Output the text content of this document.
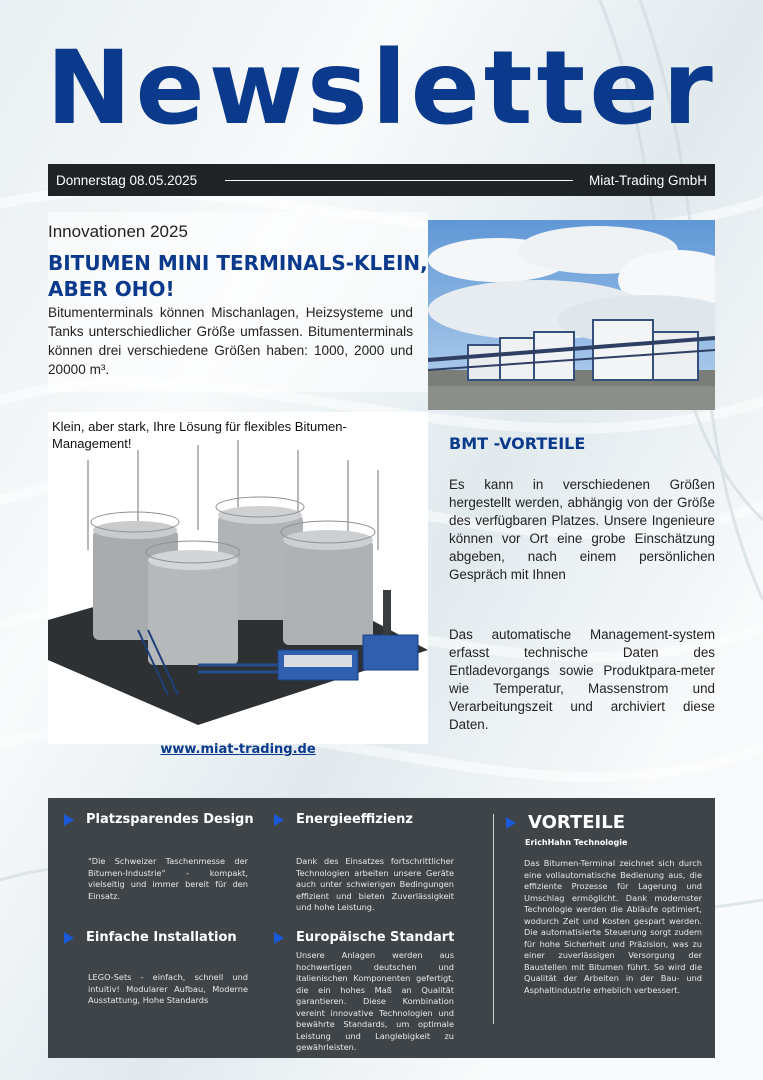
Newsletter
Donnerstag 08.05.2025	Miat-Trading GmbH
Innovationen 2025
BITUMEN MINI TERMINALS-KLEIN, ABER OHO!
Bitumenterminals können Mischanlagen, Heizsysteme und Tanks unterschiedlicher Größe umfassen. Bitumenterminals können drei verschiedene Größen haben: 1000, 2000 und 20000 m³.
Klein, aber stark, Ihre Lösung für flexibles Bitumen-Management!
www.miat-trading.de
BMT -VORTEILE
Es kann in verschiedenen Größen hergestellt werden, abhängig von der Größe des verfügbaren Platzes. Unsere Ingenieure können vor Ort eine grobe Einschätzung abgeben, nach einem persönlichen Gespräch mit Ihnen
Das automatische Management-system erfasst technische Daten des Entladevorgangs sowie Produktpara-meter wie Temperatur, Massenstrom und Verarbeitungszeit und archiviert diese Daten.
Platzsparendes Design
"Die Schweizer Taschenmesse der Bitumen-Industrie" - kompakt, vielseitig und immer bereit für den Einsatz.
Energieeffizienz
Dank des Einsatzes fortschrittlicher Technologien arbeiten unsere Geräte auch unter schwierigen Bedingungen effizient und bieten Zuverlässigkeit und hohe Leistung.
Einfache Installation
LEGO-Sets - einfach, schnell und intuitiv! Modularer Aufbau, Moderne Ausstattung, Hohe Standards
Europäische Standart
Unsere Anlagen werden aus hochwertigen deutschen und italienischen Komponenten gefertigt, die ein hohes Maß an Qualität garantieren. Diese Kombination vereint innovative Technologien und bewährte Standards, um optimale Leistung und Langlebigkeit zu gewährleisten.
VORTEILE
ErichHahn Technologie
Das Bitumen-Terminal zeichnet sich durch eine vollautomatische Bedienung aus, die effiziente Prozesse für Lagerung und Umschlag ermöglicht. Dank modernster Technologie werden die Abläufe optimiert, wodurch Zeit und Kosten gespart werden. Die automatisierte Steuerung sorgt zudem für hohe Sicherheit und Präzision, was zu einer zuverlässigen Versorgung der Baustellen mit Bitumen führt. So wird die Qualität der Arbeiten in der Bau- und Asphaltindustrie erheblich verbessert.
